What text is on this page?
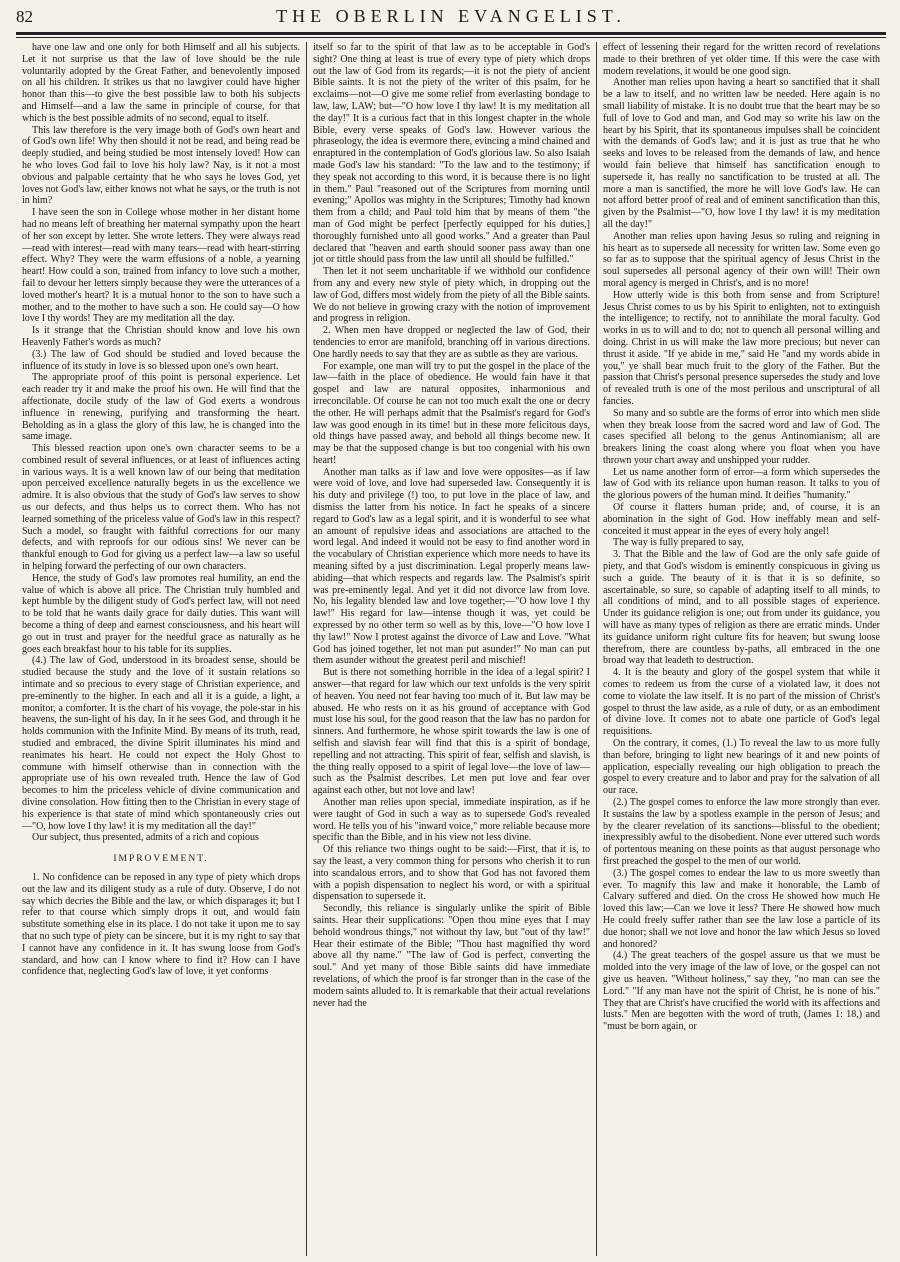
82	THE OBERLIN EVANGELIST.

have one law and one only for both Himself and all his subjects. Let it not surprise us that the law of love should be the rule voluntarily adopted by the Great Father, and benevolently imposed on all his children. It strikes us that no lawgiver could have higher honor than this—to give the best possible law to both his subjects and Himself—and a law the same in principle of course, for that which is the best possible admits of no second, equal to itself.

This law therefore is the very image both of God's own heart and of God's own life! Why then should it not be read, and being read be deeply studied, and being studied be most intensely loved! How can he who loves God fail to love his holy law? Nay, is it not a most obvious and palpable certainty that he who says he loves God, yet loves not God's law, either knows not what he says, or the truth is not in him?

I have seen the son in College whose mother in her distant home had no means left of breathing her maternal sympathy upon the heart of her son except by letter. She wrote letters. They were always read—read with interest—read with many tears—read with heart-stirring effect. Why? They were the warm effusions of a noble, a yearning heart! How could a son, trained from infancy to love such a mother, fail to devour her letters simply because they were the utterances of a loved mother's heart? It is a mutual honor to the son to have such a mother, and to the mother to have such a son. He could say—O how love I thy words! They are my meditation all the day.

Is it strange that the Christian should know and love his own Heavenly Father's words as much?

(3.) The law of God should be studied and loved because the influence of its study in love is so blessed upon one's own heart.

The appropriate proof of this point is personal experience. Let each reader try it and make the proof his own. He will find that the affectionate, docile study of the law of God exerts a wondrous influence in renewing, purifying and transforming the heart. Beholding as in a glass the glory of this law, he is changed into the same image.

This blessed reaction upon one's own character seems to be a combined result of several influences, or at least of influences acting in various ways. It is a well known law of our being that meditation upon perceived excellence naturally begets in us the excellence we admire. It is also obvious that the study of God's law serves to show us our defects, and thus helps us to correct them. Who has not learned something of the priceless value of God's law in this respect? Such a model, so fraught with faithful corrections for our many defects, and with reproofs for our odious sins! We never can be thankful enough to God for giving us a perfect law—a law so useful in helping forward the perfecting of our own characters.

Hence, the study of God's law promotes real humility, an end the value of which is above all price. The Christian truly humbled and kept humble by the diligent study of God's perfect law, will not need to be told that he wants daily grace for daily duties. This want will become a thing of deep and earnest consciousness, and his heart will go out in trust and prayer for the needful grace as naturally as he goes each breakfast hour to his table for its supplies.

(4.) The law of God, understood in its broadest sense, should be studied because the study and the love of it sustain relations so intimate and so precious to every stage of Christian experience, and pre-eminently to the higher. In each and all it is a guide, a light, a monitor, a comforter. It is the chart of his voyage, the pole-star in his heavens, the sun-light of his day. In it he sees God, and through it he holds communion with the Infinite Mind. By means of its truth, read, studied and embraced, the divine Spirit illuminates his mind and reanimates his heart. He could not expect the Holy Ghost to commune with himself otherwise than in connection with the appropriate use of his own revealed truth. Hence the law of God becomes to him the priceless vehicle of divine communication and divine consolation. How fitting then to the Christian in every stage of his experience is that state of mind which spontaneously cries out—"O, how love I thy law! it is my meditation all the day!"

Our subject, thus presented, admits of a rich and copious

IMPROVEMENT.

1. No confidence can be reposed in any type of piety which drops out the law and its diligent study as a rule of duty. Observe, I do not say which decries the Bible and the law, or which disparages it; but I refer to that course which simply drops it out, and would fain substitute something else in its place. I do not take it upon me to say that no such type of piety can be sincere, but it is my right to say that I cannot have any confidence in it. It has swung loose from God's standard, and how can I know where to find it? How can I have confidence that, neglecting God's law of love, it yet conforms

itself so far to the spirit of that law as to be acceptable in God's sight? One thing at least is true of every type of piety which drops out the law of God from its regards;—it is not the piety of ancient Bible saints. It is not the piety of the writer of this psalm, for he exclaims—not—O give me some relief from everlasting bondage to law, law, LAW; but—"O how love I thy law! It is my meditation all the day!" It is a curious fact that in this longest chapter in the whole Bible, every verse speaks of God's law. However various the phraseology, the idea is evermore there, evincing a mind chained and enraptured in the contemplation of God's glorious law. So also Isaiah made God's law his standard: "To the law and to the testimony; if they speak not according to this word, it is because there is no light in them." Paul "reasoned out of the Scriptures from morning until evening;" Apollos was mighty in the Scriptures; Timothy had known them from a child; and Paul told him that by means of them "the man of God might be perfect [perfectly equipped for his duties,] thoroughly furnished unto all good works." And a greater than Paul declared that "heaven and earth should sooner pass away than one jot or tittle should pass from the law until all should be fulfilled."

Then let it not seem uncharitable if we withhold our confidence from any and every new style of piety which, in dropping out the law of God, differs most widely from the piety of all the Bible saints. We do not believe in growing crazy with the notion of improvement and progress in religion.

2. When men have dropped or neglected the law of God, their tendencies to error are manifold, branching off in various directions. One hardly needs to say that they are as subtle as they are various.

For example, one man will try to put the gospel in the place of the law—faith in the place of obedience. He would fain have it that gospel and law are natural opposites, inharmonious and irreconcilable. Of course he can not too much exalt the one or decry the other. He will perhaps admit that the Psalmist's regard for God's law was good enough in its time! but in these more felicitous days, old things have passed away, and behold all things become new. It may be that the supposed change is but too congenial with his own heart!

Another man talks as if law and love were opposites—as if law were void of love, and love had superseded law. Consequently it is his duty and privilege (!) too, to put love in the place of law, and dismiss the latter from his notice. In fact he speaks of a sincere regard to God's law as a legal spirit, and it is wonderful to see what an amount of repulsive ideas and associations are attached to the word legal. And indeed it would not be easy to find another word in the vocabulary of Christian experience which more needs to have its meaning sifted by a just discrimination. Legal properly means law-abiding—that which respects and regards law. The Psalmist's spirit was pre-eminently legal. And yet it did not divorce law from love. No, his legality blended law and love together;—"O how love I thy law!" His regard for law—intense though it was, yet could be expressed by no other term so well as by this, love—"O how love I thy law!" Now I protest against the divorce of Law and Love. "What God has joined together, let not man put asunder!" No man can put them asunder without the greatest peril and mischief!

But is there not something horrible in the idea of a legal spirit? I answer—that regard for law which our text unfolds is the very spirit of heaven. You need not fear having too much of it. But law may be abused. He who rests on it as his ground of acceptance with God must lose his soul, for the good reason that the law has no pardon for sinners. And furthermore, he whose spirit towards the law is one of selfish and slavish fear will find that this is a spirit of bondage, repelling and not attracting. This spirit of fear, selfish and slavish, is the thing really opposed to a spirit of legal love—the love of law—such as the Psalmist describes. Let men put love and fear over against each other, but not love and law!

Another man relies upon special, immediate inspiration, as if he were taught of God in such a way as to supersede God's revealed word. He tells you of his "inward voice," more reliable because more specific than the Bible, and in his view not less divine.

Of this reliance two things ought to be said:—First, that it is, to say the least, a very common thing for persons who cherish it to run into scandalous errors, and to show that God has not favored them with a popish dispensation to neglect his word, or with a spiritual dispensation to supersede it.

Secondly, this reliance is singularly unlike the spirit of Bible saints. Hear their supplications: "Open thou mine eyes that I may behold wondrous things," not without thy law, but "out of thy law!" Hear their estimate of the Bible; "Thou hast magnified thy word above all thy name." "The law of God is perfect, converting the soul." And yet many of those Bible saints did have immediate revelations, of which the proof is far stronger than in the case of the modern saints alluded to. It is remarkable that their actual revelations never had the

effect of lessening their regard for the written record of revelations made to their brethren of yet older time. If this were the case with modern revelations, it would be one good sign.

Another man relies upon having a heart so sanctified that it shall be a law to itself, and no written law be needed. Here again is no small liability of mistake. It is no doubt true that the heart may be so full of love to God and man, and God may so write his law on the heart by his Spirit, that its spontaneous impulses shall be coincident with the demands of God's law; and it is just as true that he who seeks and loves to be released from the demands of law, and hence would fain believe that himself has sanctification enough to supersede it, has really no sanctification to be trusted at all. The more a man is sanctified, the more he will love God's law. He can not afford better proof of real and of eminent sanctification than this, given by the Psalmist—"O, how love I thy law! it is my meditation all the day!"

Another man relies upon having Jesus so ruling and reigning in his heart as to supersede all necessity for written law. Some even go so far as to suppose that the spiritual agency of Jesus Christ in the soul supersedes all personal agency of their own will! Their own moral agency is merged in Christ's, and is no more!

How utterly wide is this both from sense and from Scripture! Jesus Christ comes to us by his Spirit to enlighten, not to extinguish the intelligence; to rectify, not to annihilate the moral faculty. God works in us to will and to do; not to quench all personal willing and doing. Christ in us will make the law more precious; but never can thrust it aside. "If ye abide in me," said He "and my words abide in you," ye shall bear much fruit to the glory of the Father. But the passion that Christ's personal presence supersedes the study and love of revealed truth is one of the most perilous and unscriptural of all fancies.

So many and so subtle are the forms of error into which men slide when they break loose from the sacred word and law of God. The cases specified all belong to the genus Antinomianism; all are breakers lining the coast along where you float when you have thrown your chart away and unshipped your rudder.

Let us name another form of error—a form which supersedes the law of God with its reliance upon human reason. It talks to you of the glorious powers of the human mind. It deifies "humanity."

Of course it flatters human pride; and, of course, it is an abomination in the sight of God. How ineffably mean and self-conceited it must appear in the eyes of every holy angel!

The way is fully prepared to say,

3. That the Bible and the law of God are the only safe guide of piety, and that God's wisdom is eminently conspicuous in giving us such a guide. The beauty of it is that it is so definite, so ascertainable, so sure, so capable of adapting itself to all minds, to all conditions of mind, and to all possible stages of experience. Under its guidance religion is one; out from under its guidance, you will have as many types of religion as there are erratic minds. Under its guidance uniform right culture fits for heaven; but swung loose therefrom, there are countless by-paths, all embraced in the one broad way that leadeth to destruction.

4. It is the beauty and glory of the gospel system that while it comes to redeem us from the curse of a violated law, it does not come to violate the law itself. It is no part of the mission of Christ's gospel to thrust the law aside, as a rule of duty, or as an embodiment of divine love. It comes not to abate one particle of God's legal requisitions.

On the contrary, it comes, (1.) To reveal the law to us more fully than before, bringing to light new bearings of it and new points of application, especially revealing our high obligation to preach the gospel to every creature and to labor and pray for the salvation of all our race.

(2.) The gospel comes to enforce the law more strongly than ever. It sustains the law by a spotless example in the person of Jesus; and by the clearer revelation of its sanctions—blissful to the obedient; inexpressibly awful to the disobedient. None ever uttered such words of portentous meaning on these points as that august personage who first preached the gospel to the men of our world.

(3.) The gospel comes to endear the law to us more sweetly than ever. To magnify this law and make it honorable, the Lamb of Calvary suffered and died. On the cross He showed how much He loved this law;—Can we love it less? There He showed how much He could freely suffer rather than see the law lose a particle of its due honor; shall we not love and honor the law which Jesus so loved and honored?

(4.) The great teachers of the gospel assure us that we must be molded into the very image of the law of love, or the gospel can not give us heaven. "Without holiness," say they, "no man can see the Lord." "If any man have not the spirit of Christ, he is none of his." They that are Christ's have crucified the world with its affections and lusts." Men are begotten with the word of truth, (James 1: 18,) and "must be born again, or
